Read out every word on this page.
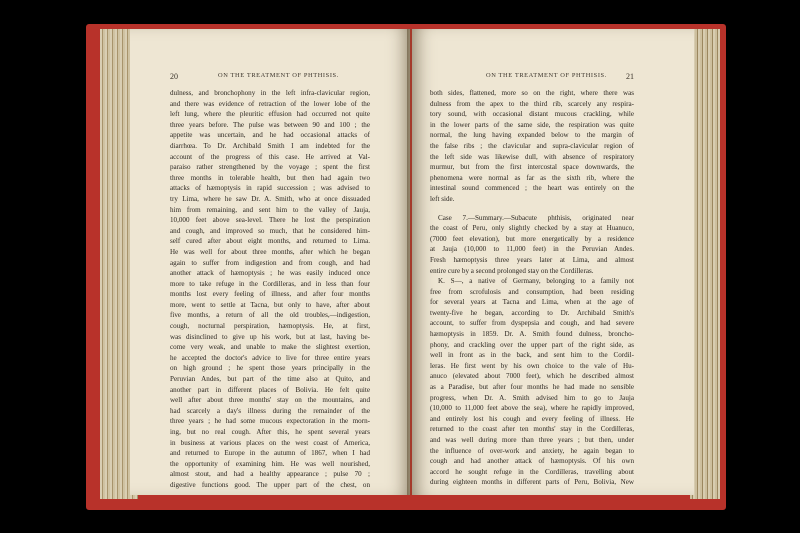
20	ON THE TREATMENT OF PHTHISIS.
dulness, and bronchophony in the left infra-clavicular region,
and there was evidence of retraction of the lower lobe of the
left lung, where the pleuritic effusion had occurred not quite
three years before. The pulse was between 90 and 100 ; the
appetite was uncertain, and he had occasional attacks of
diarrhœa. To Dr. Archibald Smith I am indebted for the
account of the progress of this case. He arrived at Val-
paraiso rather strengthened by the voyage ; spent the first
three months in tolerable health, but then had again two
attacks of hæmoptysis in rapid succession ; was advised to
try Lima, where he saw Dr. A. Smith, who at once dissuaded
him from remaining, and sent him to the valley of Jauja,
10,000 feet above sea-level. There he lost the perspiration
and cough, and improved so much, that he considered him-
self cured after about eight months, and returned to Lima.
He was well for about three months, after which he began
again to suffer from indigestion and from cough, and had
another attack of hæmoptysis ; he was easily induced once
more to take refuge in the Cordilleras, and in less than four
months lost every feeling of illness, and after four months
more, went to settle at Tacna, but only to have, after about
five months, a return of all the old troubles,—indigestion,
cough, nocturnal perspiration, hæmoptysis. He, at first,
was disinclined to give up his work, but at last, having be-
come very weak, and unable to make the slightest exertion,
he accepted the doctor's advice to live for three entire years
on high ground ; he spent those years principally in the
Peruvian Andes, but part of the time also at Quito, and
another part in different places of Bolivia. He felt quite
well after about three months' stay on the mountains, and
had scarcely a day's illness during the remainder of the
three years ; he had some mucous expectoration in the morn-
ing, but no real cough. After this, he spent several years
in business at various places on the west coast of America,
and returned to Europe in the autumn of 1867, when I had
the opportunity of examining him. He was well nourished,
almost stout, and had a healthy appearance ; pulse 70 ;
digestive functions good. The upper part of the chest, on
ON THE TREATMENT OF PHTHISIS. 21
both sides, flattened, more so on the right, where there was
dulness from the apex to the third rib, scarcely any respira-
tory sound, with occasional distant mucous crackling, while
in the lower parts of the same side, the respiration was quite
normal, the lung having expanded below to the margin of
the false ribs ; the clavicular and supra-clavicular region of
the left side was likewise dull, with absence of respiratory
murmur, but from the first intercostal space downwards, the
phenomena were normal as far as the sixth rib, where the
intestinal sound commenced ; the heart was entirely on the
left side.
Case 7.—Summary.—Subacute phthisis, originated near
the coast of Peru, only slightly checked by a stay at Huanuco,
(7000 feet elevation), but more energetically by a residence
at Jauja (10,000 to 11,000 feet) in the Peruvian Andes.
Fresh hæmoptysis three years later at Lima, and almost
entire cure by a second prolonged stay on the Cordilleras.
K. S—, a native of Germany, belonging to a family not
free from scrofulosis and consumption, had been residing
for several years at Tacna and Lima, when at the age of
twenty-five he began, according to Dr. Archibald Smith's
account, to suffer from dyspepsia and cough, and had severe
hæmoptysis in 1859. Dr. A. Smith found dulness, broncho-
phony, and crackling over the upper part of the right side, as
well in front as in the back, and sent him to the Cordil-
leras. He first went by his own choice to the vale of Hu-
anuco (elevated about 7000 feet), which he described almost
as a Paradise, but after four months he had made no sensible
progress, when Dr. A. Smith advised him to go to Jauja
(10,000 to 11,000 feet above the sea), where he rapidly improved,
and entirely lost his cough and every feeling of illness. He
returned to the coast after ten months' stay in the Cordilleras,
and was well during more than three years ; but then, under
the influence of over-work and anxiety, he again began to
cough and had another attack of hæmoptysis. Of his own
accord he sought refuge in the Cordilleras, travelling about
during eighteen months in different parts of Peru, Bolivia, New
